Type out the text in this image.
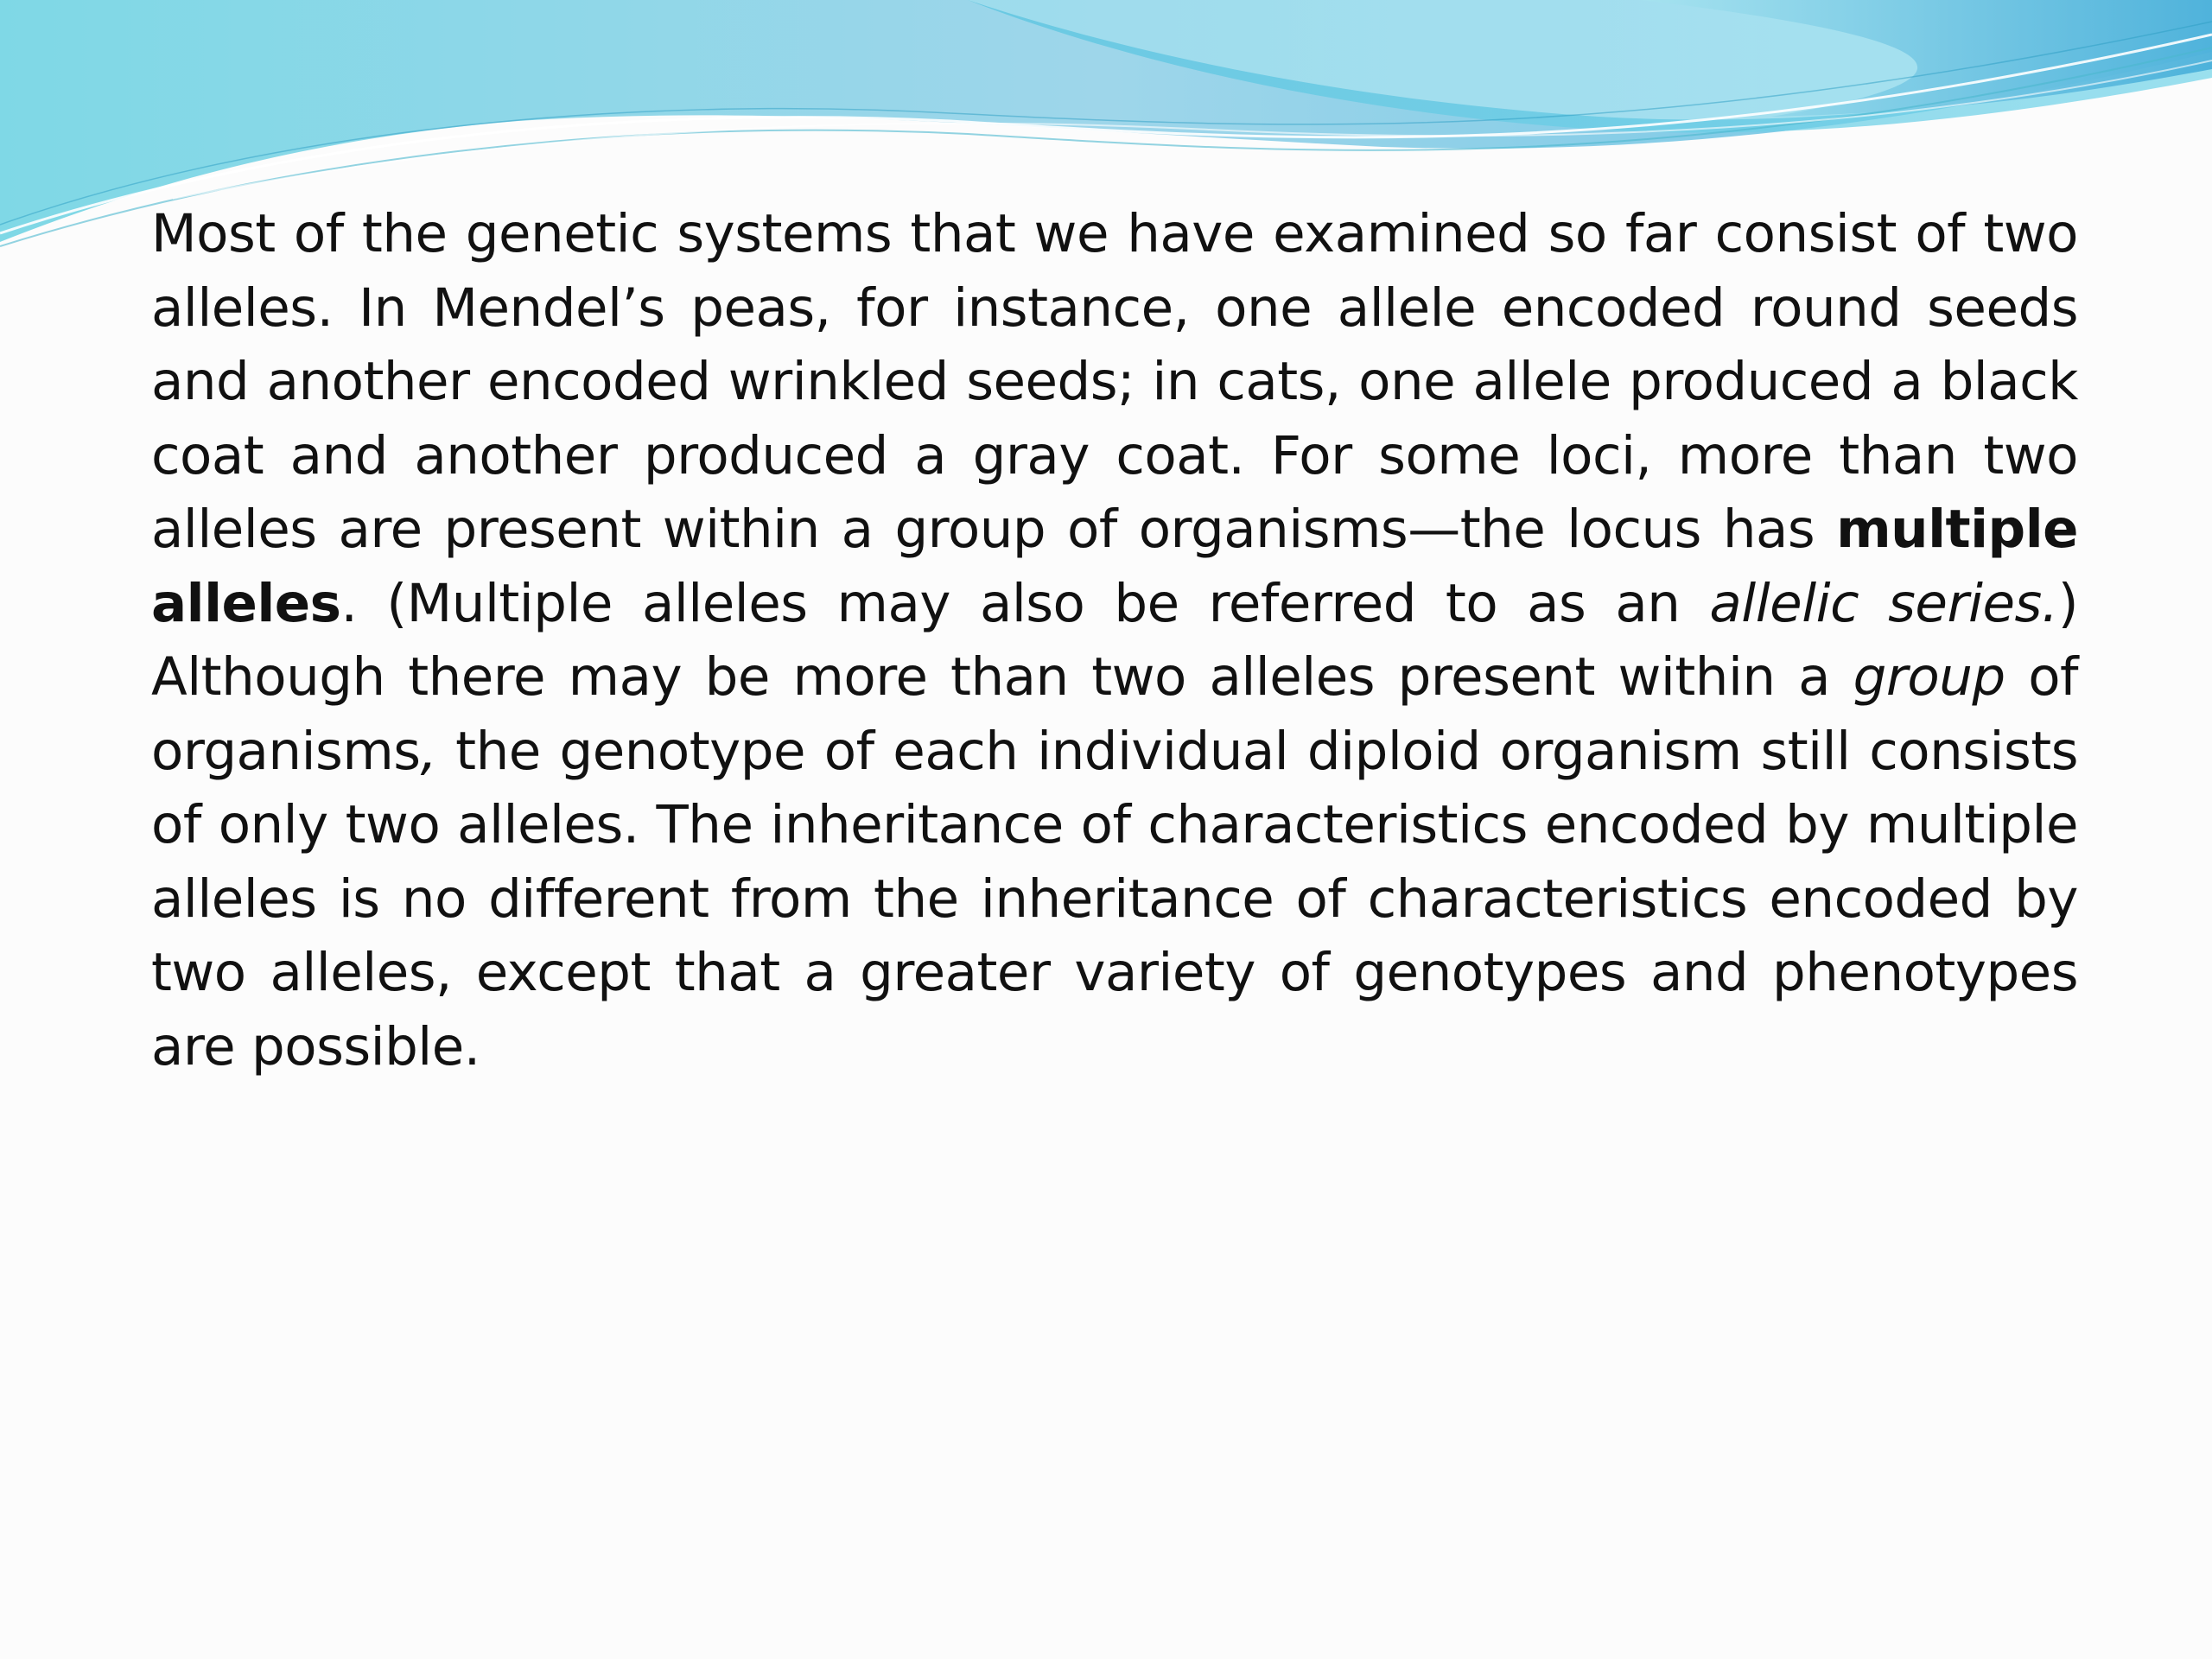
Most of the genetic systems that we have examined so far consist of two alleles. In Mendel’s peas, for instance, one allele encoded round seeds and another encoded wrinkled seeds; in cats, one allele produced a black coat and another produced a gray coat. For some loci, more than two alleles are present within a group of organisms—the locus has multiple alleles. (Multiple alleles may also be referred to as an allelic series.) Although there may be more than two alleles present within a group of organisms, the genotype of each individual diploid organism still consists of only two alleles. The inheritance of characteristics encoded by multiple alleles is no different from the inheritance of characteristics encoded by two alleles, except that a greater variety of genotypes and phenotypes are possible.
